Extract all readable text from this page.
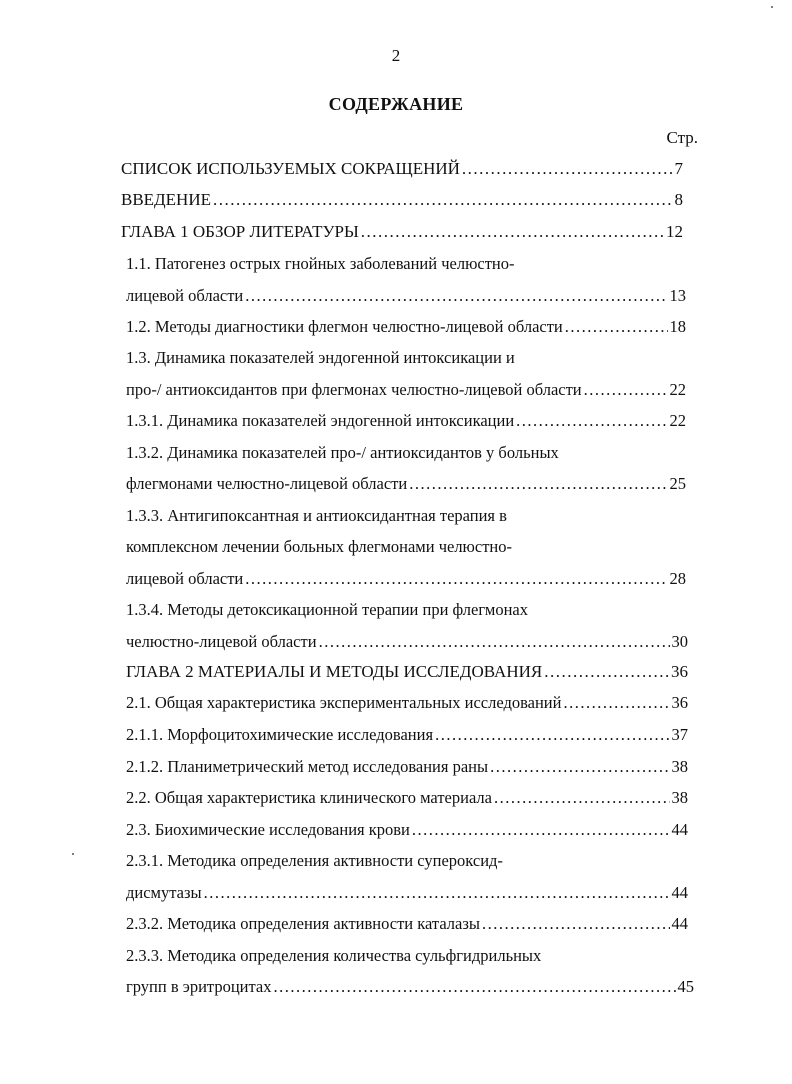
2
СОДЕРЖАНИЕ
Стр.
СПИСОК ИСПОЛЬЗУЕМЫХ СОКРАЩЕНИЙ .....	7
ВВЕДЕНИЕ .....	8
ГЛАВА 1 ОБЗОР ЛИТЕРАТУРЫ .....	12
1.1. Патогенез острых гнойных заболеваний челюстно-
лицевой области .....	13
1.2. Методы диагностики флегмон челюстно-лицевой области .....	18
1.3. Динамика показателей эндогенной интоксикации и
про-/ антиоксидантов при флегмонах челюстно-лицевой области .....	22
1.3.1. Динамика показателей эндогенной интоксикации .....	22
1.3.2. Динамика показателей про-/ антиоксидантов у больных
флегмонами челюстно-лицевой области .....	25
1.3.3. Антигипоксантная и антиоксидантная терапия в
комплексном лечении больных флегмонами челюстно-
лицевой области .....	28
1.3.4. Методы детоксикационной терапии при флегмонах
челюстно-лицевой области .....	30
ГЛАВА 2 МАТЕРИАЛЫ И МЕТОДЫ ИССЛЕДОВАНИЯ .....	36
2.1. Общая характеристика экспериментальных исследований .....	36
2.1.1. Морфоцитохимические исследования .....	37
2.1.2. Планиметрический метод исследования раны .....	38
2.2. Общая характеристика клинического материала .....	38
2.3. Биохимические исследования крови .....	44
2.3.1. Методика определения активности супероксид-
дисмутазы .....	44
2.3.2. Методика определения активности каталазы .....	44
2.3.3. Методика определения количества сульфгидрильных
групп в эритроцитах .....	45
